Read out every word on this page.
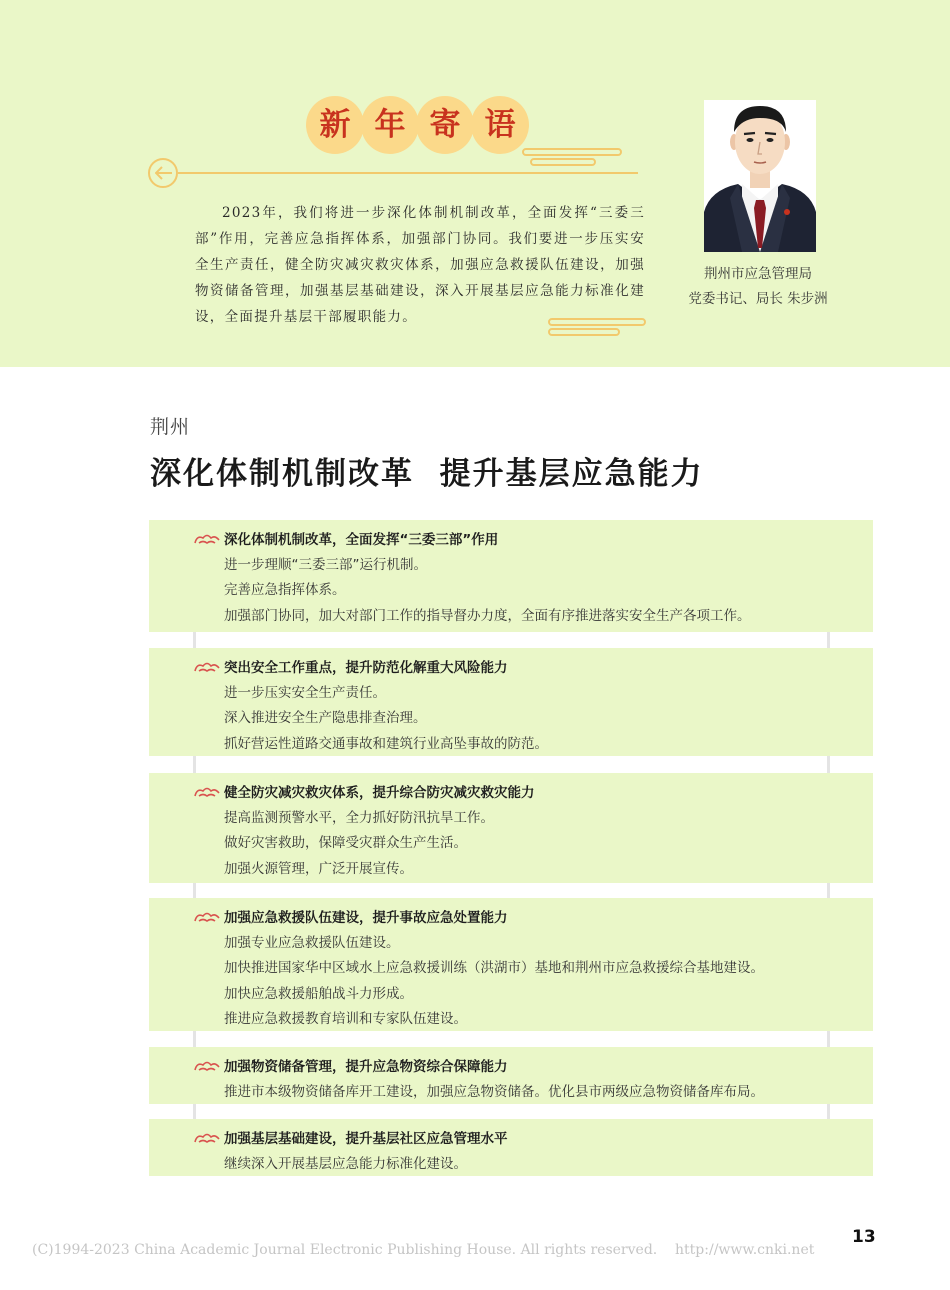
新 年 寄 语
2023年，我们将进一步深化体制机制改革，全面发挥“三委三部”作用，完善应急指挥体系，加强部门协同。我们要进一步压实安全生产责任，健全防灾减灾救灾体系，加强应急救援队伍建设，加强物资储备管理，加强基层基础建设，深入开展基层应急能力标准化建设，全面提升基层干部履职能力。
荆州市应急管理局
党委书记、局长 朱步洲
荆州
深化体制机制改革  提升基层应急能力
深化体制机制改革，全面发挥“三委三部”作用
进一步理顺“三委三部”运行机制。
完善应急指挥体系。
加强部门协同，加大对部门工作的指导督办力度，全面有序推进落实安全生产各项工作。
突出安全工作重点，提升防范化解重大风险能力
进一步压实安全生产责任。
深入推进安全生产隐患排查治理。
抓好营运性道路交通事故和建筑行业高坠事故的防范。
健全防灾减灾救灾体系，提升综合防灾减灾救灾能力
提高监测预警水平，全力抓好防汛抗旱工作。
做好灾害救助，保障受灾群众生产生活。
加强火源管理，广泛开展宣传。
加强应急救援队伍建设，提升事故应急处置能力
加强专业应急救援队伍建设。
加快推进国家华中区域水上应急救援训练（洪湖市）基地和荆州市应急救援综合基地建设。
加快应急救援船舶战斗力形成。
推进应急救援教育培训和专家队伍建设。
加强物资储备管理，提升应急物资综合保障能力
推进市本级物资储备库开工建设，加强应急物资储备。优化县市两级应急物资储备库布局。
加强基层基础建设，提升基层社区应急管理水平
继续深入开展基层应急能力标准化建设。
13
(C)1994-2023 China Academic Journal Electronic Publishing House. All rights reserved.    http://www.cnki.net
